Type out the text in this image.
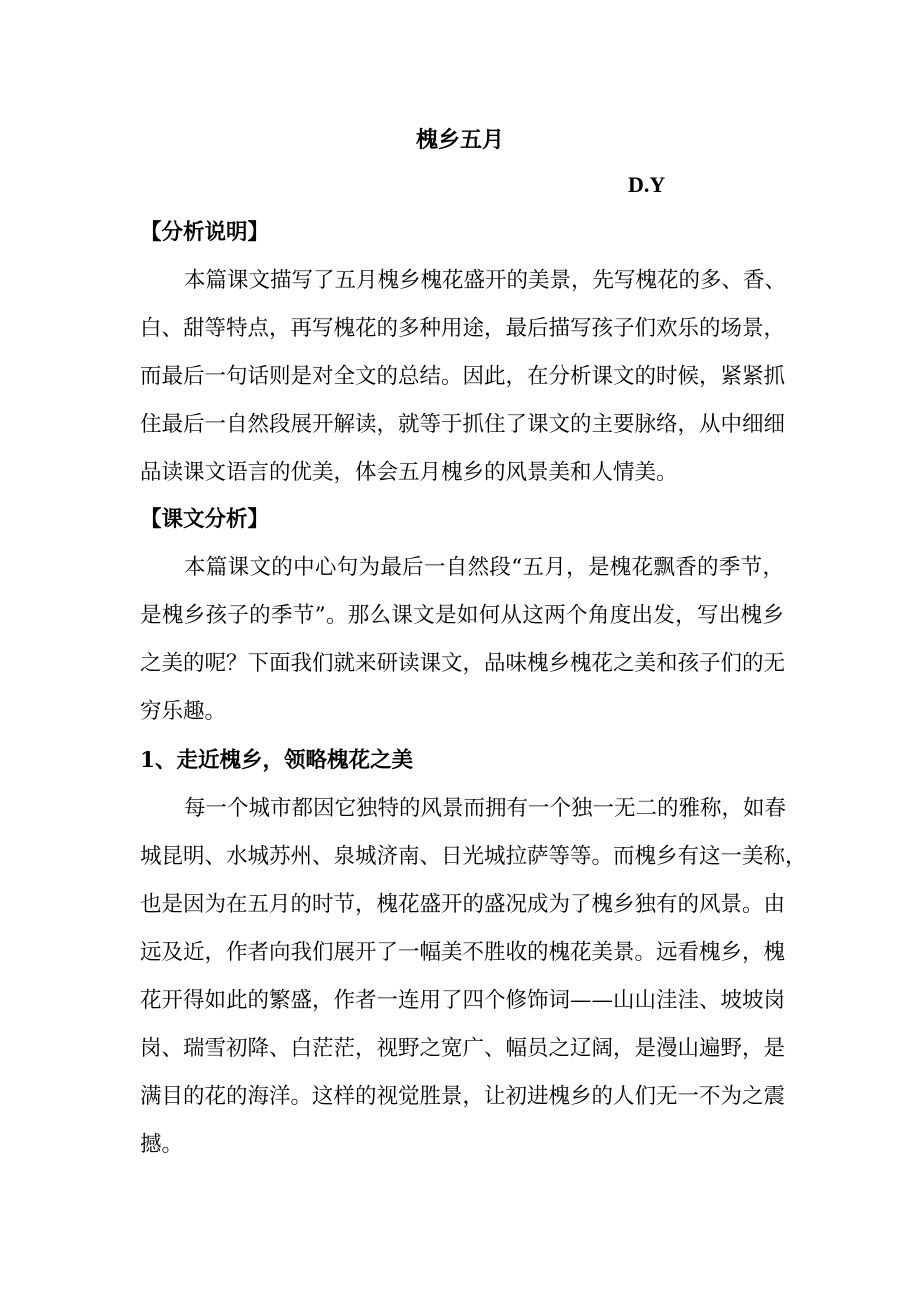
槐乡五月
D.Y
【分析说明】
本篇课文描写了五月槐乡槐花盛开的美景，先写槐花的多、香、
白、甜等特点，再写槐花的多种用途，最后描写孩子们欢乐的场景，
而最后一句话则是对全文的总结。因此，在分析课文的时候，紧紧抓
住最后一自然段展开解读，就等于抓住了课文的主要脉络，从中细细
品读课文语言的优美，体会五月槐乡的风景美和人情美。
【课文分析】
本篇课文的中心句为最后一自然段“五月，是槐花飘香的季节，
是槐乡孩子的季节”。那么课文是如何从这两个角度出发，写出槐乡
之美的呢？下面我们就来研读课文，品味槐乡槐花之美和孩子们的无
穷乐趣。
1、走近槐乡，领略槐花之美
每一个城市都因它独特的风景而拥有一个独一无二的雅称，如春
城昆明、水城苏州、泉城济南、日光城拉萨等等。而槐乡有这一美称，
也是因为在五月的时节，槐花盛开的盛况成为了槐乡独有的风景。由
远及近，作者向我们展开了一幅美不胜收的槐花美景。远看槐乡，槐
花开得如此的繁盛，作者一连用了四个修饰词——山山洼洼、坡坡岗
岗、瑞雪初降、白茫茫，视野之宽广、幅员之辽阔，是漫山遍野，是
满目的花的海洋。这样的视觉胜景，让初进槐乡的人们无一不为之震
撼。
